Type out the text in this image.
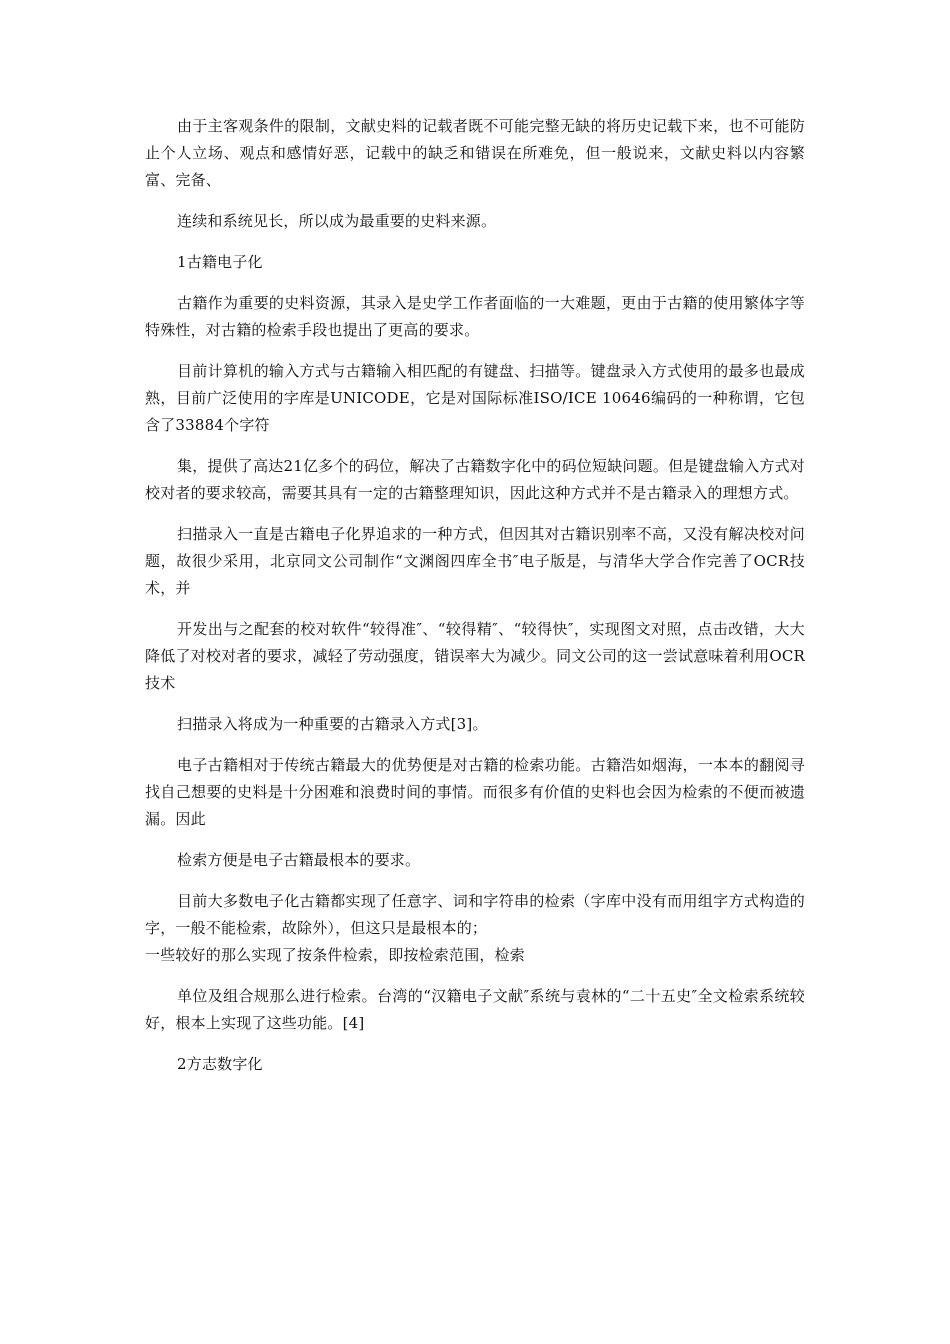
由于主客观条件的限制，文献史料的记载者既不可能完整无缺的将历史记载下来，也不可能防止个人立场、观点和感情好恶，记载中的缺乏和错误在所难免，但一般说来，文献史料以内容繁富、完备、

连续和系统见长，所以成为最重要的史料来源。

1古籍电子化

古籍作为重要的史料资源，其录入是史学工作者面临的一大难题，更由于古籍的使用繁体字等特殊性，对古籍的检索手段也提出了更高的要求。

目前计算机的输入方式与古籍输入相匹配的有键盘、扫描等。键盘录入方式使用的最多也最成熟，目前广泛使用的字库是UNICODE，它是对国际标准ISO/ICE 10646编码的一种称谓，它包含了33884个字符

集，提供了高达21亿多个的码位，解决了古籍数字化中的码位短缺问题。但是键盘输入方式对校对者的要求较高，需要其具有一定的古籍整理知识，因此这种方式并不是古籍录入的理想方式。

扫描录入一直是古籍电子化界追求的一种方式，但因其对古籍识别率不高，又没有解决校对问题，故很少采用，北京同文公司制作“文渊阁四库全书″电子版是，与清华大学合作完善了OCR技术，并

开发出与之配套的校对软件“较得准″、“较得精″、“较得快″，实现图文对照，点击改错，大大降低了对校对者的要求，减轻了劳动强度，错误率大为减少。同文公司的这一尝试意味着利用OCR技术

扫描录入将成为一种重要的古籍录入方式[3]。

电子古籍相对于传统古籍最大的优势便是对古籍的检索功能。古籍浩如烟海，一本本的翻阅寻找自己想要的史料是十分困难和浪费时间的事情。而很多有价值的史料也会因为检索的不便而被遗漏。因此

检索方便是电子古籍最根本的要求。

目前大多数电子化古籍都实现了任意字、词和字符串的检索（字库中没有而用组字方式构造的字，一般不能检索，故除外），但这只是最根本的；

一些较好的那么实现了按条件检索，即按检索范围，检索

单位及组合规那么进行检索。台湾的“汉籍电子文献″系统与袁林的“二十五史″全文检索系统较好，根本上实现了这些功能。[4]

2方志数字化
